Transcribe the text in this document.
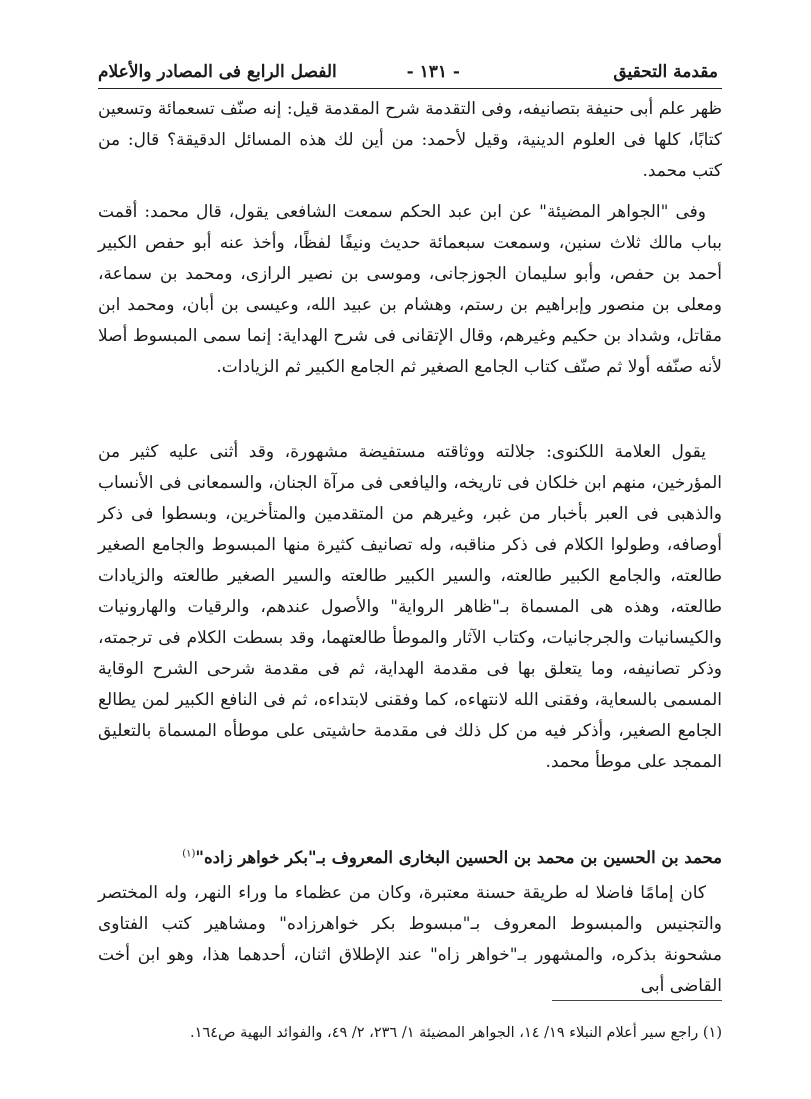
مقدمة التحقيق
- ١٣١ -
الفصل الرابع فى المصادر والأعلام

ظهر علم أبى حنيفة بتصانيفه، وفى التقدمة شرح المقدمة قيل: إنه صنّف تسعمائة وتسعين كتابًا، كلها فى العلوم الدينية، وقيل لأحمد: من أين لك هذه المسائل الدقيقة؟ قال: من كتب محمد.

وفى "الجواهر المضيئة" عن ابن عبد الحكم سمعت الشافعى يقول، قال محمد: أقمت بباب مالك ثلاث سنين، وسمعت سبعمائة حديث ونيفًا لفظًا، وأخذ عنه أبو حفص الكبير أحمد بن حفص، وأبو سليمان الجوزجانى، وموسى بن نصير الرازى، ومحمد بن سماعة، ومعلى بن منصور وإبراهيم بن رستم، وهشام بن عبيد الله، وعيسى بن أبان، ومحمد ابن مقاتل، وشداد بن حكيم وغيرهم، وقال الإتقانى فى شرح الهداية: إنما سمى المبسوط أصلا لأنه صنّفه أولا ثم صنّف كتاب الجامع الصغير ثم الجامع الكبير ثم الزيادات.

يقول العلامة اللكنوى: جلالته ووثاقته مستفيضة مشهورة، وقد أثنى عليه كثير من المؤرخين، منهم ابن خلكان فى تاريخه، واليافعى فى مرآة الجنان، والسمعانى فى الأنساب والذهبى فى العبر بأخبار من غبر، وغيرهم من المتقدمين والمتأخرين، وبسطوا فى ذكر أوصافه، وطولوا الكلام فى ذكر مناقبه، وله تصانيف كثيرة منها المبسوط والجامع الصغير طالعته، والجامع الكبير طالعته، والسير الكبير طالعته والسير الصغير طالعته والزيادات طالعته، وهذه هى المسماة بـ"ظاهر الرواية" والأصول عندهم، والرقيات والهارونيات والكيسانيات والجرجانيات، وكتاب الآثار والموطأ طالعتهما، وقد بسطت الكلام فى ترجمته، وذكر تصانيفه، وما يتعلق بها فى مقدمة الهداية، ثم فى مقدمة شرحى الشرح الوقاية المسمى بالسعاية، وفقنى الله لانتهاءه، كما وفقنى لابتداءه، ثم فى النافع الكبير لمن يطالع الجامع الصغير، وأذكر فيه من كل ذلك فى مقدمة حاشيتى على موطأه المسماة بالتعليق الممجد على موطأ محمد.

محمد بن الحسين بن محمد بن الحسين البخارى المعروف بـ"بكر خواهر زاده"$^{(١)}$

كان إمامًا فاضلا له طريقة حسنة معتبرة، وكان من عظماء ما وراء النهر، وله المختصر والتجنيس والمبسوط المعروف بـ"مبسوط بكر خواهرزاده" ومشاهير كتب الفتاوى مشحونة بذكره، والمشهور بـ"خواهر زاه" عند الإطلاق اثنان، أحدهما هذا، وهو ابن أخت القاضى أبى

(١) راجع سير أعلام النبلاء ١٩/ ١٤، الجواهر المضيئة ١/ ٢٣٦، ٢/ ٤٩، والفوائد البهية ص١٦٤.
